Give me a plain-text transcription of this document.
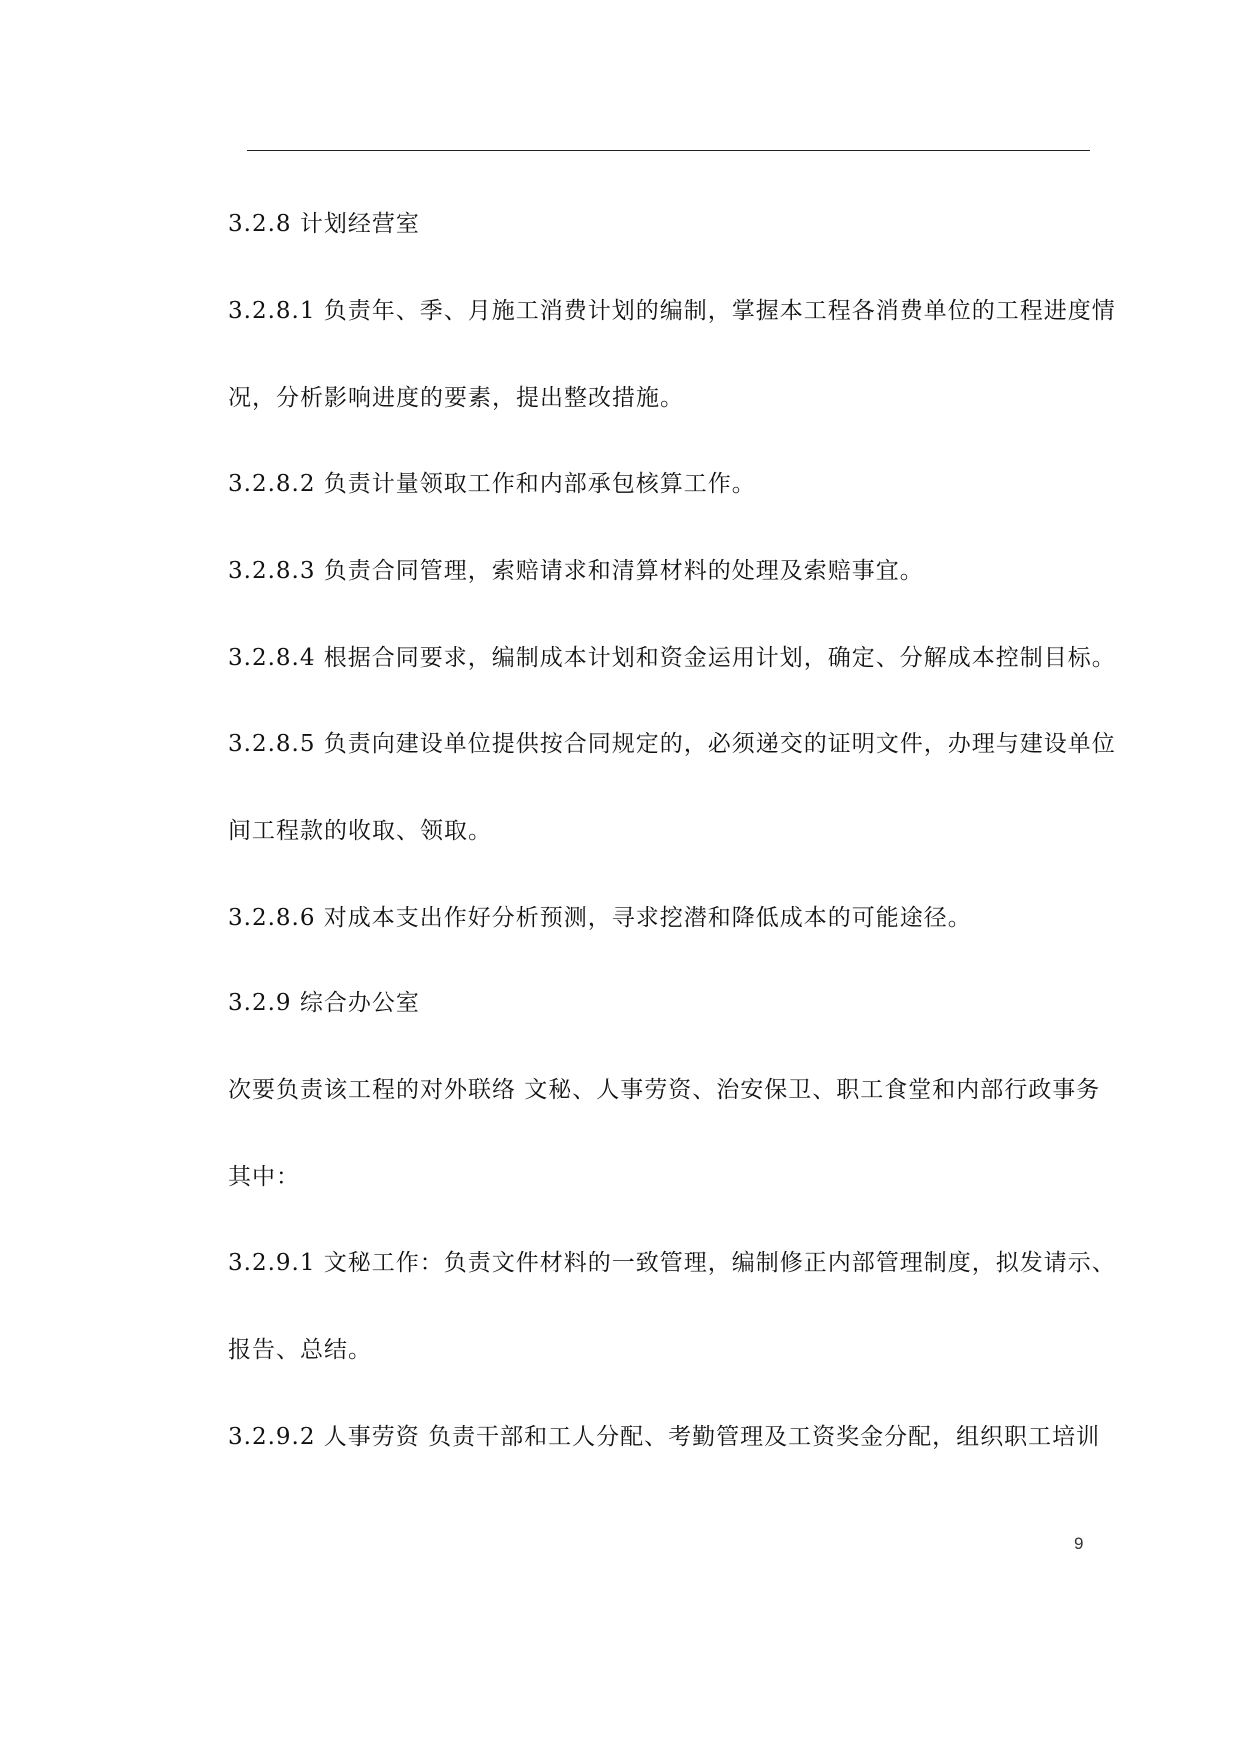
3.2.8 计划经营室
3.2.8.1 负责年、季、月施工消费计划的编制，掌握本工程各消费单位的工程进度情
况，分析影响进度的要素，提出整改措施。
3.2.8.2 负责计量领取工作和内部承包核算工作。
3.2.8.3 负责合同管理，索赔请求和清算材料的处理及索赔事宜。
3.2.8.4 根据合同要求，编制成本计划和资金运用计划，确定、分解成本控制目标。
3.2.8.5 负责向建设单位提供按合同规定的，必须递交的证明文件，办理与建设单位
间工程款的收取、领取。
3.2.8.6 对成本支出作好分析预测，寻求挖潜和降低成本的可能途径。
3.2.9 综合办公室
次要负责该工程的对外联络 文秘、人事劳资、治安保卫、职工食堂和内部行政事务
其中：
3.2.9.1 文秘工作：负责文件材料的一致管理，编制修正内部管理制度，拟发请示、
报告、总结。
3.2.9.2 人事劳资 负责干部和工人分配、考勤管理及工资奖金分配，组织职工培训
9
